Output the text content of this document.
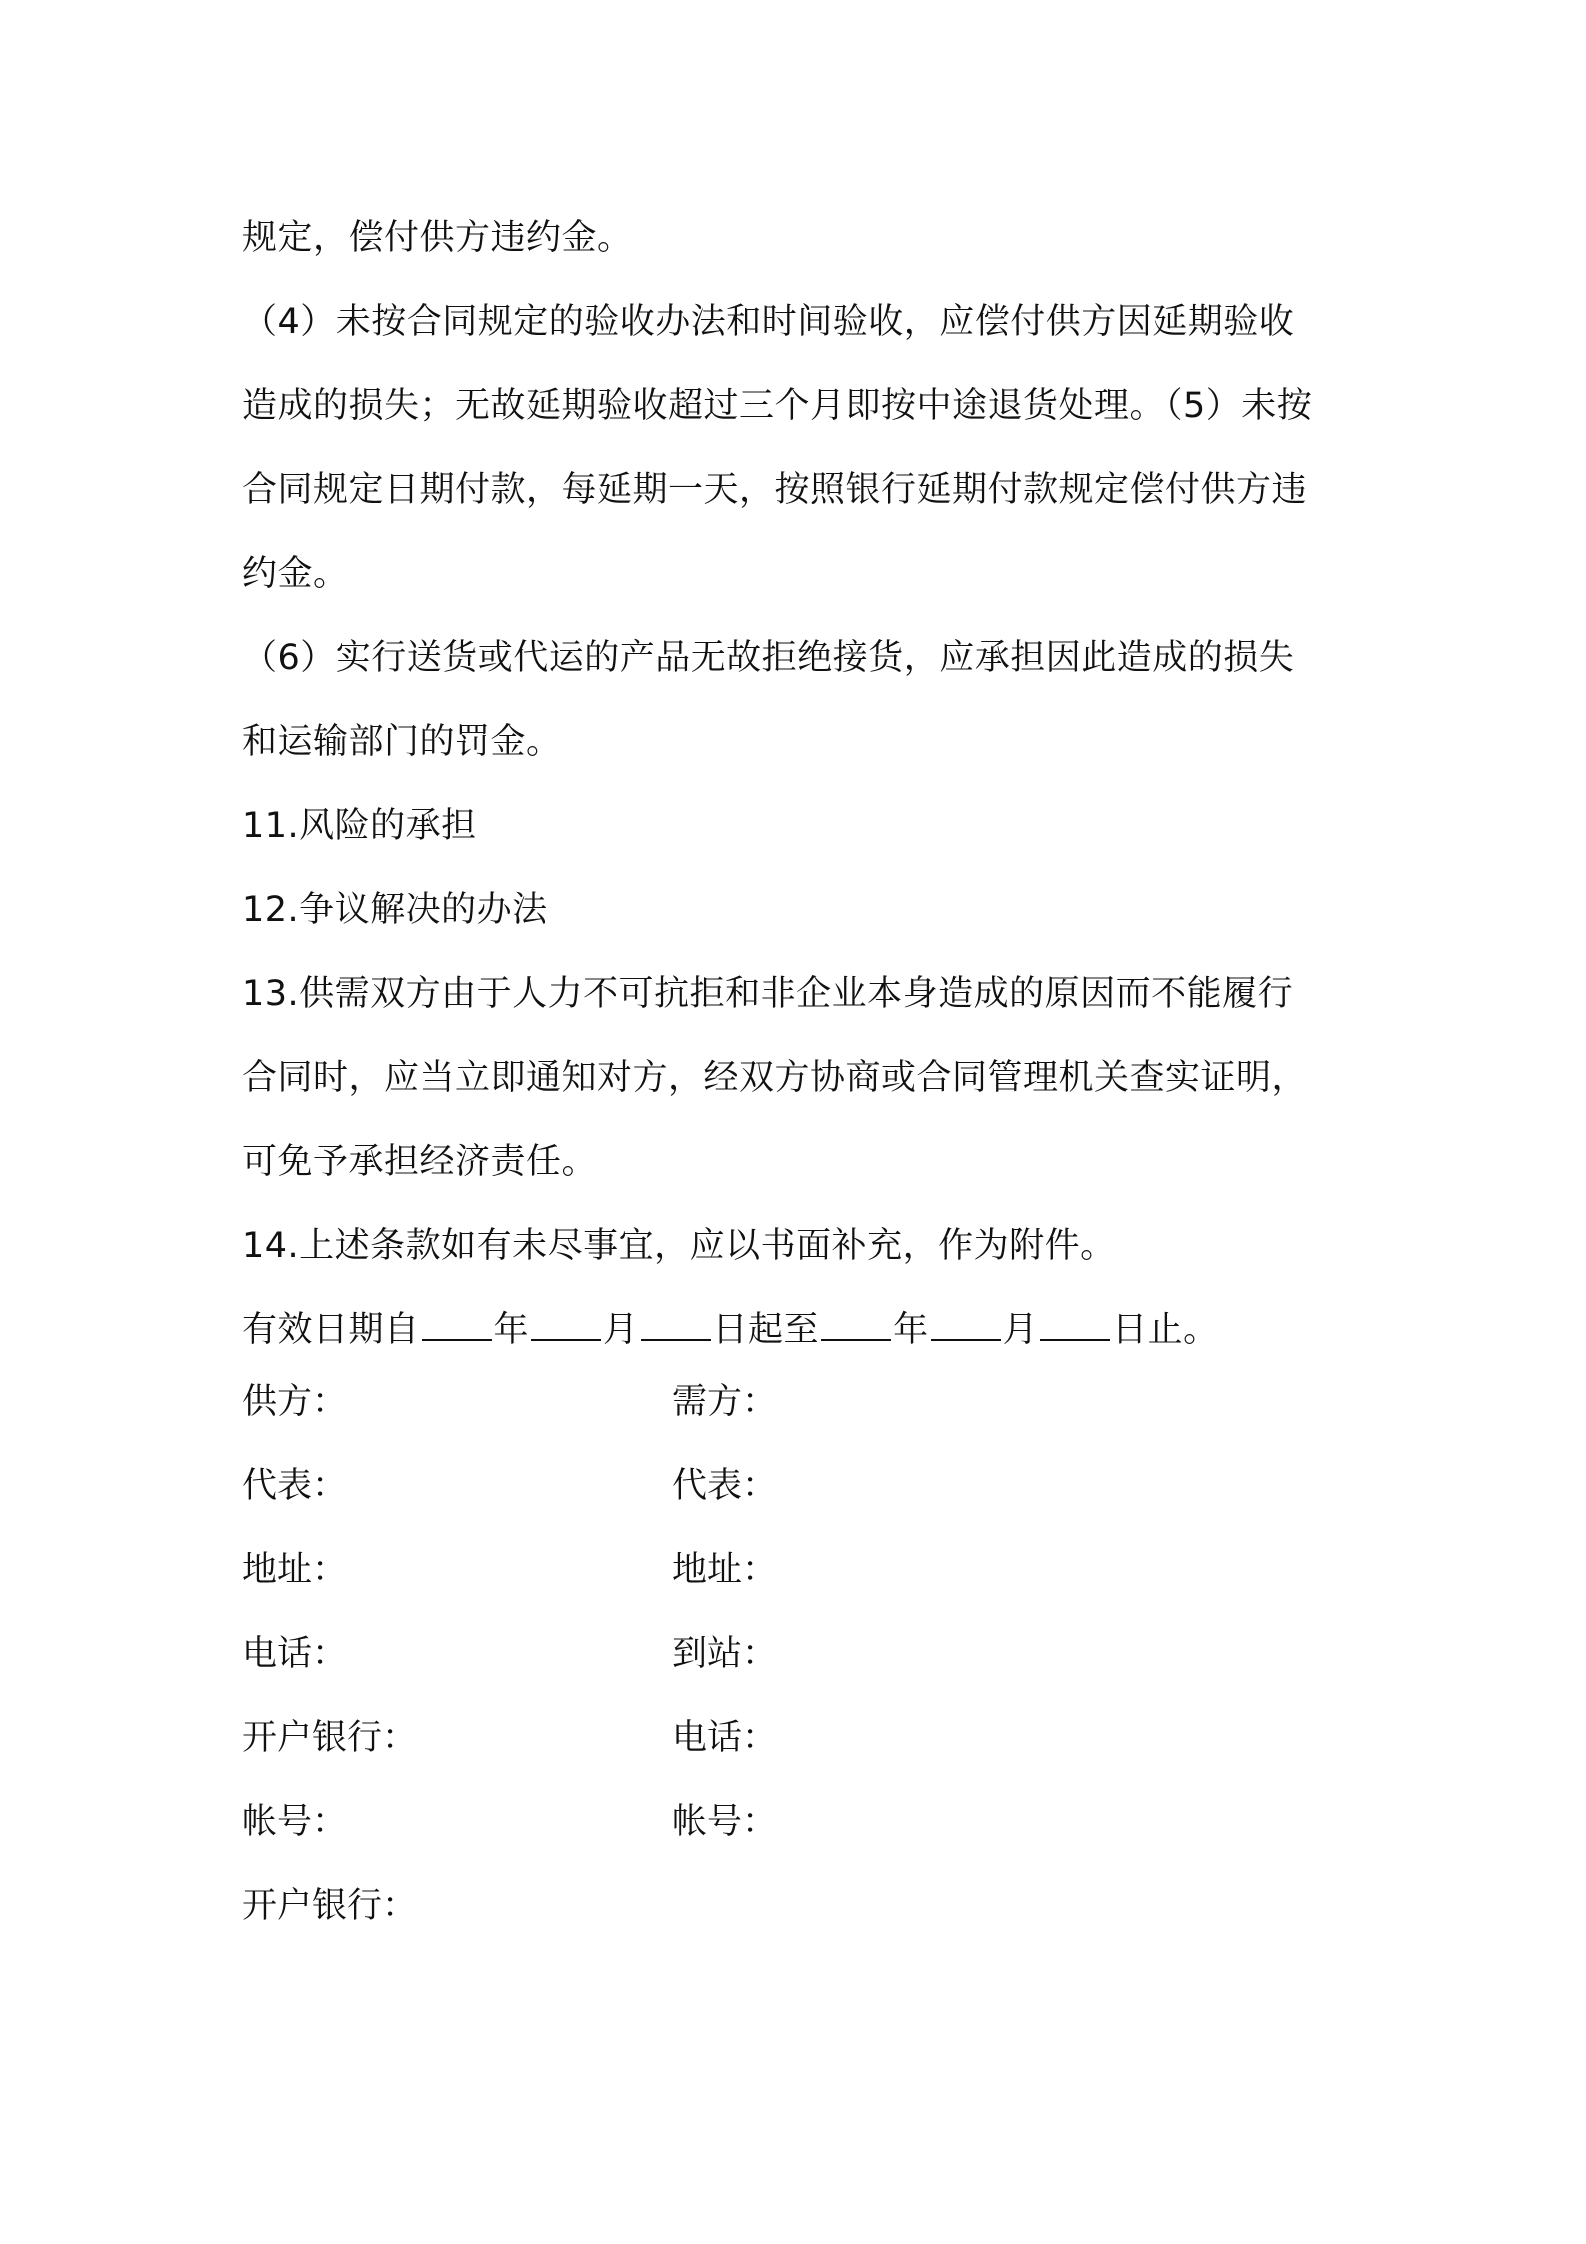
规定，偿付供方违约金。
（4）未按合同规定的验收办法和时间验收，应偿付供方因延期验收
造成的损失；无故延期验收超过三个月即按中途退货处理。（5）未按
合同规定日期付款，每延期一天，按照银行延期付款规定偿付供方违
约金。
（6）实行送货或代运的产品无故拒绝接货，应承担因此造成的损失
和运输部门的罚金。
11.风险的承担
12.争议解决的办法
13.供需双方由于人力不可抗拒和非企业本身造成的原因而不能履行
合同时，应当立即通知对方，经双方协商或合同管理机关查实证明，
可免予承担经济责任。
14.上述条款如有未尽事宜，应以书面补充，作为附件。
有效日期自 年 月 日起至 年 月 日止。
供方：	需方：
代表：	代表：
地址：	地址：
电话：	到站：
开户银行：	电话：
帐号：	帐号：
开户银行：
